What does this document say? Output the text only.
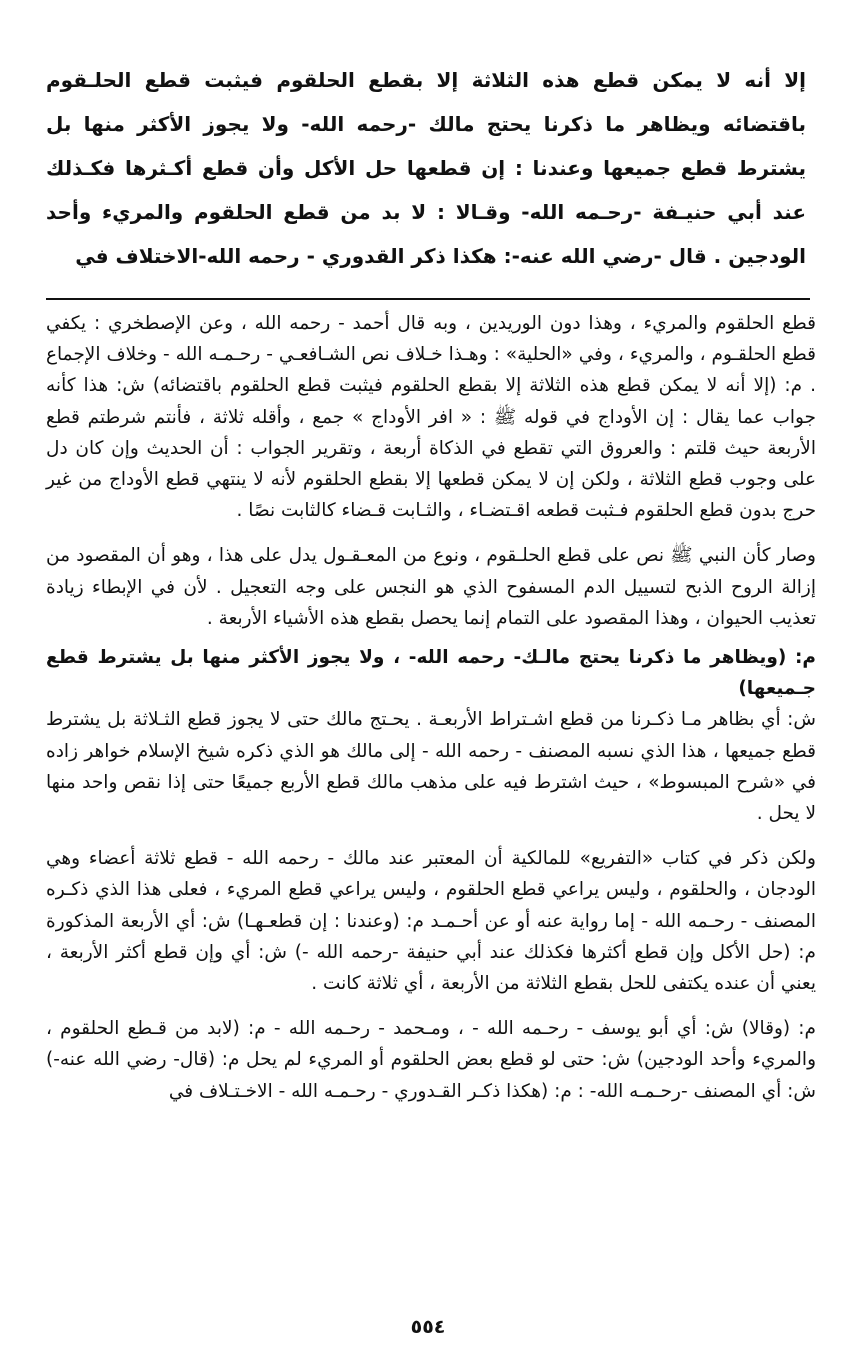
إلا أنه لا يمكن قطع هذه الثلاثة إلا بقطع الحلقوم فيثبت قطع الحلـقوم باقتضائه ويظاهر ما ذكرنا يحتج مالك -رحمه الله- ولا يجوز الأكثر منها بل يشترط قطع جميعها وعندنا : إن قطعها حل الأكل وأن قطع أكـثرها فكـذلك عند أبي حنيـفة -رحـمه الله- وقـالا : لا بد من قطع الحلقوم والمريء وأحد الودجين . قال -رضي الله عنه-: هكذا ذكر القدوري - رحمه الله-الاختلاف في

قطع الحلقوم والمريء ، وهذا دون الوريدين ، وبه قال أحمد - رحمه الله ، وعن الإصطخري : يكفي قطع الحلقـوم ، والمريء ، وفي «الحلية» : وهـذا خـلاف نص الشـافعـي - رحـمـه الله - وخلاف الإجماع . م: (إلا أنه لا يمكن قطع هذه الثلاثة إلا بقطع الحلقوم فيثبت قطع الحلقوم باقتضائه) ش: هذا كأنه جواب عما يقال : إن الأوداج في قوله ﷺ : « افر الأوداج » جمع ، وأقله ثلاثة ، فأنتم شرطتم قطع الأربعة حيث قلتم : والعروق التي تقطع في الذكاة أربعة ، وتقرير الجواب : أن الحديث وإن كان دل على وجوب قطع الثلاثة ، ولكن إن لا يمكن قطعها إلا بقطع الحلقوم لأنه لا ينتهي قطع الأوداج من غير حرج بدون قطع الحلقوم فـثبت قطعه اقـتضـاء ، والثـابت قـضاء كالثابت نصًا .

وصار كأن النبي ﷺ نص على قطع الحلـقوم ، ونوع من المعـقـول يدل على هذا ، وهو أن المقصود من إزالة الروح الذبح لتسييل الدم المسفوح الذي هو النجس على وجه التعجيل . لأن في الإبطاء زيادة تعذيب الحيوان ، وهذا المقصود على التمام إنما يحصل بقطع هذه الأشياء الأربعة .

م: (ويظاهر ما ذكرنا يحتج مالـك- رحمه الله- ، ولا يجوز الأكثر منها بل يشترط قطع جـميعها)

ش: أي بظاهر مـا ذكـرنا من قطع اشـتراط الأربعـة . يحـتج مالك حتى لا يجوز قطع الثـلاثة بل يشترط قطع جميعها ، هذا الذي نسبه المصنف - رحمه الله - إلى مالك هو الذي ذكره شيخ الإسلام خواهر زاده في «شرح المبسوط» ، حيث اشترط فيه على مذهب مالك قطع الأربع جميعًا حتى إذا نقص واحد منها لا يحل .

ولكن ذكر في كتاب «التفريع» للمالكية أن المعتبر عند مالك - رحمه الله - قطع ثلاثة أعضاء وهي الودجان ، والحلقوم ، وليس يراعي قطع الحلقوم ، وليس يراعي قطع المريء ، فعلى هذا الذي ذكـره المصنف - رحـمه الله - إما رواية عنه أو عن أحـمـد م: (وعندنا : إن قطعـهـا) ش: أي الأربعة المذكورة م: (حل الأكل وإن قطع أكثرها فكذلك عند أبي حنيفة -رحمه الله -) ش: أي وإن قطع أكثر الأربعة ، يعني أن عنده يكتفى للحل بقطع الثلاثة من الأربعة ، أي ثلاثة كانت .

م: (وقالا) ش: أي أبو يوسف - رحـمه الله - ، ومـحمد - رحـمه الله - م: (لابد من قـطع الحلقوم ، والمريء وأحد الودجين) ش: حتى لو قطع بعض الحلقوم أو المريء لم يحل م: (قال- رضي الله عنه-) ش: أي المصنف -رحـمـه الله- : م: (هكذا ذكـر القـدوري - رحـمـه الله - الاخـتـلاف في

٥٥٤
